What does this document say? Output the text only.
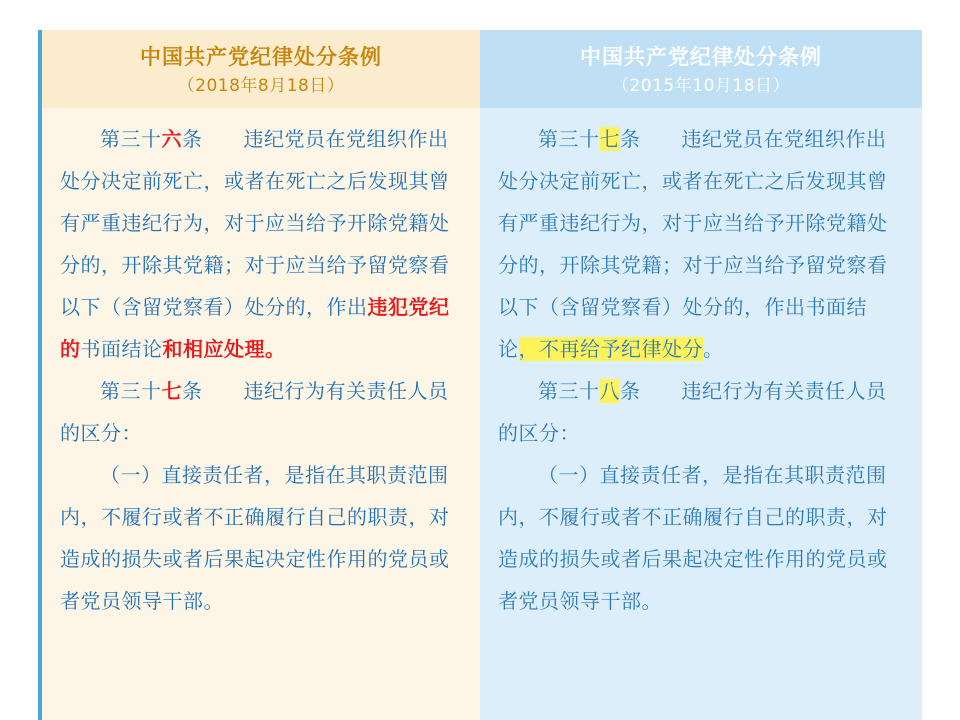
中国共产党纪律处分条例
（2018年8月18日）

第三十六条　　违纪党员在党组织作出处分决定前死亡，或者在死亡之后发现其曾有严重违纪行为，对于应当给予开除党籍处分的，开除其党籍；对于应当给予留党察看以下（含留党察看）处分的，作出违犯党纪的书面结论和相应处理。

第三十七条　　违纪行为有关责任人员的区分：

（一）直接责任者，是指在其职责范围内，不履行或者不正确履行自己的职责，对造成的损失或者后果起决定性作用的党员或者党员领导干部。

中国共产党纪律处分条例
（2015年10月18日）

第三十七条　　违纪党员在党组织作出处分决定前死亡，或者在死亡之后发现其曾有严重违纪行为，对于应当给予开除党籍处分的，开除其党籍；对于应当给予留党察看以下（含留党察看）处分的，作出书面结论，不再给予纪律处分。

第三十八条　　违纪行为有关责任人员的区分：

（一）直接责任者，是指在其职责范围内，不履行或者不正确履行自己的职责，对造成的损失或者后果起决定性作用的党员或者党员领导干部。
